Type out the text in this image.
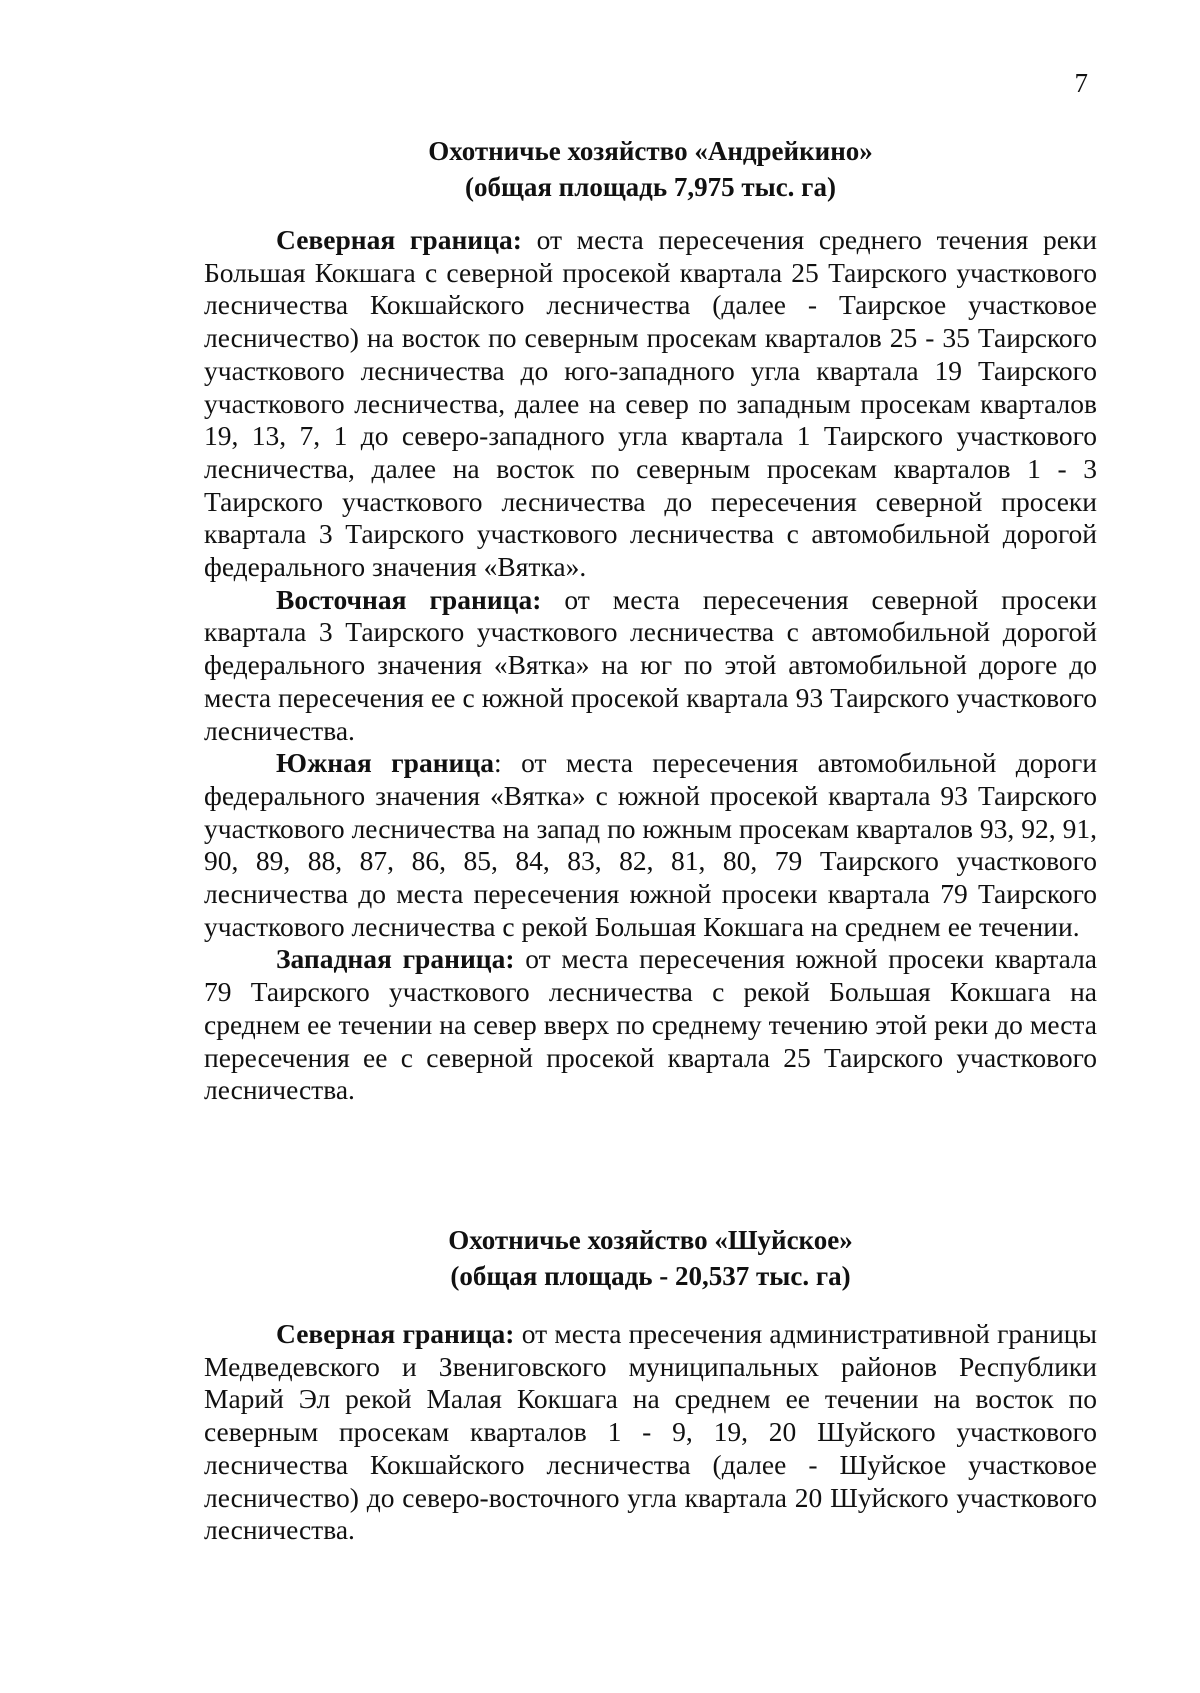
7
Охотничье хозяйство «Андрейкино»
(общая площадь 7,975 тыс. га)

Северная граница: от места пересечения среднего течения реки Большая Кокшага с северной просекой квартала 25 Таирского участкового лесничества Кокшайского лесничества (далее - Таирское участковое лесничество) на восток по северным просекам кварталов 25 - 35 Таирского участкового лесничества до юго-западного угла квартала 19 Таирского участкового лесничества, далее на север по западным просекам кварталов 19, 13, 7, 1 до северо-западного угла квартала 1 Таирского участкового лесничества, далее на восток по северным просекам кварталов 1 - 3 Таирского участкового лесничества до пересечения северной просеки квартала 3 Таирского участкового лесничества с автомобильной дорогой федерального значения «Вятка».

Восточная граница: от места пересечения северной просеки квартала 3 Таирского участкового лесничества с автомобильной дорогой федерального значения «Вятка» на юг по этой автомобильной дороге до места пересечения ее с южной просекой квартала 93 Таирского участкового лесничества.

Южная граница: от места пересечения автомобильной дороги федерального значения «Вятка» с южной просекой квартала 93 Таирского участкового лесничества на запад по южным просекам кварталов 93, 92, 91, 90, 89, 88, 87, 86, 85, 84, 83, 82, 81, 80, 79 Таирского участкового лесничества до места пересечения южной просеки квартала 79 Таирского участкового лесничества с рекой Большая Кокшага на среднем ее течении.

Западная граница: от места пересечения южной просеки квартала 79 Таирского участкового лесничества с рекой Большая Кокшага на среднем ее течении на север вверх по среднему течению этой реки до места пересечения ее с северной просекой квартала 25 Таирского участкового лесничества.

Охотничье хозяйство «Шуйское»
(общая площадь - 20,537 тыс. га)

Северная граница: от места пресечения административной границы Медведевского и Звениговского муниципальных районов Республики Марий Эл рекой Малая Кокшага на среднем ее течении на восток по северным просекам кварталов 1 - 9, 19, 20 Шуйского участкового лесничества Кокшайского лесничества (далее - Шуйское участковое лесничество) до северо-восточного угла квартала 20 Шуйского участкового лесничества.
